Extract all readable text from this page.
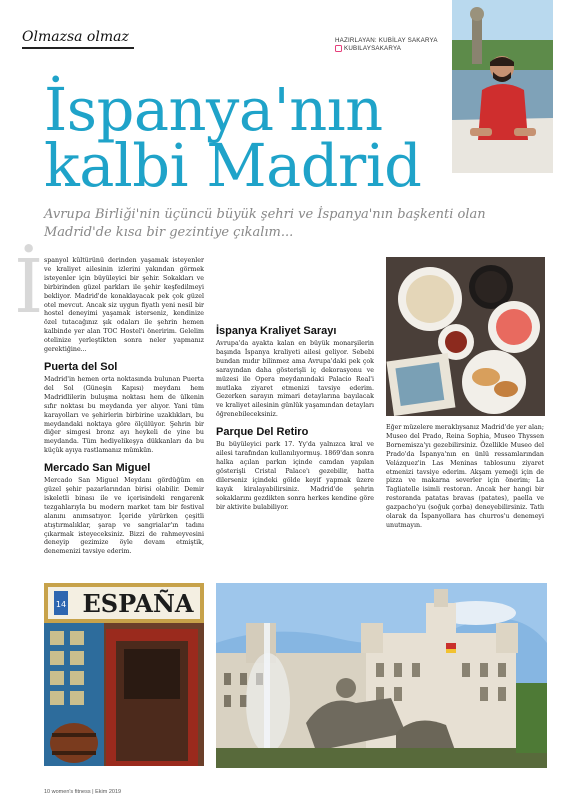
Olmazsa olmaz	HAZIRLAYAN: KUBİLAY SAKARYA
KUBILAYSAKARYA
İspanya'nın
kalbi Madrid
Avrupa Birliği'nin üçüncü büyük şehri ve İspanya'nın başkenti olan Madrid'de kısa bir gezintiye çıkalım...
İ spanyol kültürünü derinden yaşamak isteyenler ve kraliyet ailesinin izlerini yakından görmek isteyenler için büyüleyici bir şehir. Sokakları ve birbirinden güzel parkları ile şehir keşfedilmeyi bekliyor. Madrid'de konaklayacak pek çok güzel otel mevcut. Ancak siz uygun fiyatlı yeni nesil bir hostel deneyimi yaşamak isterseniz, kendinize özel tutacağınız şık odaları ile şehrin hemen kalbinde yer alan TOC Hostel'i öneririm. Gelelim otelinize yerleştikten sonra neler yapmanız gerektiğine...

Puerta del Sol

Madrid'in hemen orta noktasında bulunan Puerta del Sol (Güneşin Kapısı) meydanı hem Madridlilerin buluşma noktası hem de ülkenin sıfır noktası bu meydanda yer alıyor. Yani tüm karayolları ve şehirlerin birbirine uzaklıkları, bu meydandaki noktaya göre ölçülüyor. Şehrin bir diğer simgesi bronz ayı heykeli de yine bu meydanda. Tüm hediyelikeşya dükkanları da bu küçük ayıya rastlamanız mümkün.

Mercado San Miguel

Mercado San Miguel Meydanı gördüğüm en güzel şehir pazarlarından birisi olabilir. Demir iskeletli binası ile ve içerisindeki rengarenk tezgahlarıyla bu modern market tam bir festival alanını anımsatıyor. İçeride yürürken çeşitli atıştırmalıklar, şarap ve sangrialar'ın tadını çıkarmak isteyeceksiniz. Bizzi de rahmeyvesini deneyip gezimize öyle devam etmiştik, denemenizi tavsiye ederim.

İspanya Kraliyet Sarayı

Avrupa'da ayakta kalan en büyük monarşilerin başında İspanya kraliyeti ailesi geliyor. Sebebi bundan mıdır bilinmez ama Avrupa'daki pek çok sarayından daha gösterişli iç dekorasyonu ve müzesi ile Opera meydanındaki Palacio Real'i mutlaka ziyaret etmenizi tavsiye ederim. Gezerken sarayın mimari detaylarına bayılacak ve kraliyet ailesinin günlük yaşamından detayları öğrenebileceksiniz.

Parque Del Retiro

Bu büyüleyici park 17. Yy'da yalnızca kral ve ailesi tarafından kullanılıyormuş. 1869'dan sonra halka açılan parkın içinde camdan yapılan gösterişli Cristal Palace'ı gezebilir, hatta dilerseniz içindeki gölde keyif yapmak üzere kayık kiralayabilirsiniz. Madrid'de şehrin sokaklarını gezdikten sonra herkes kendine göre bir aktivite bulabiliyor.

Eğer müzelere meraklıysanız Madrid'de yer alan; Museo del Prado, Reina Sophia, Museo Thyssen Bornemisza'yı gezebilirsiniz. Özellikle Museo del Prado'da İspanya'nın en ünlü ressamlarından Velázquez'in Las Meninas tablosunu ziyaret etmenizi tavsiye ederim. Akşam yemeği için de pizza ve makarna severler için önerim; La Tagliatelle isimli restoran. Ancak her hangi bir restoranda patatas bravas (patates), paella ve gazpacho'yu (soğuk çorba) deneyebilirsiniz. Tatlı olarak da İspanyollara has churros'u denemeyi unutmayın.

14 ESPAÑA
10 women's fitness | Ekim 2019
